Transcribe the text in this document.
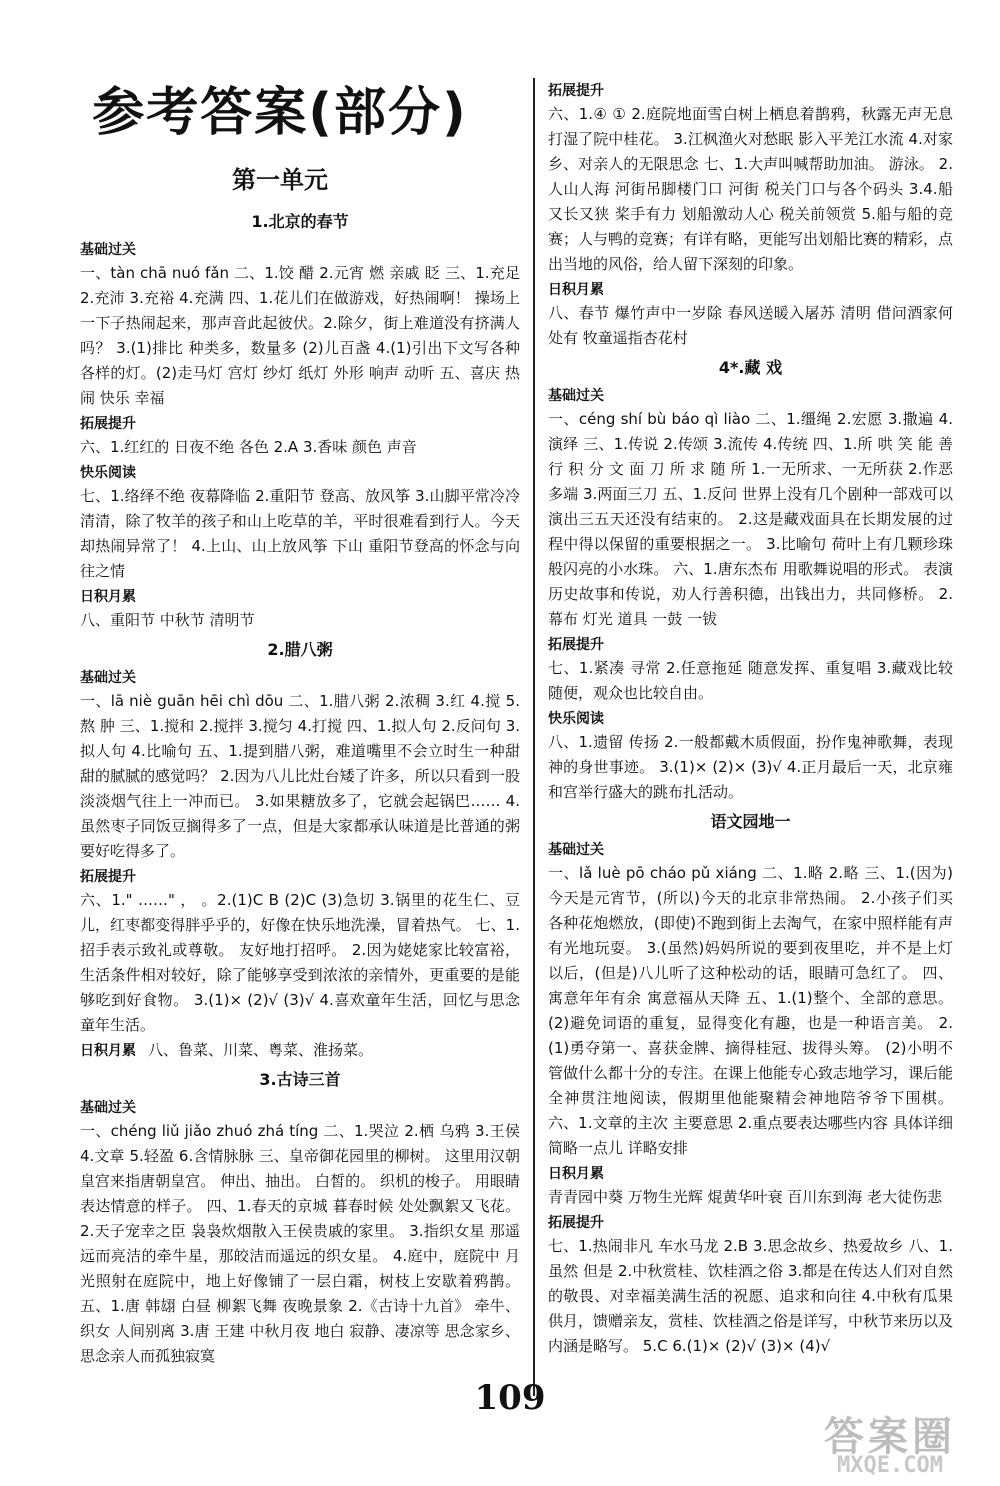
参考答案(部分)
第一单元
1.北京的春节
基础过关
一、tàn chā nuó fǎn 二、1.饺 醋 2.元宵 燃 亲戚 眨 三、1.充足 2.充沛 3.充裕 4.充满 四、1.花儿们在做游戏，好热闹啊！ 操场上一下子热闹起来，那声音此起彼伏。2.除夕，街上难道没有挤满人吗？ 3.(1)排比 种类多，数量多 (2)儿百盏 4.(1)引出下文写各种各样的灯。(2)走马灯 宫灯 纱灯 纸灯 外形 响声 动听 五、喜庆 热闹 快乐 幸福
拓展提升
六、1.红红的 日夜不绝 各色 2.A 3.香味 颜色 声音
快乐阅读
七、1.络绎不绝 夜幕降临 2.重阳节 登高、放风筝 3.山脚平常冷冷清清，除了牧羊的孩子和山上吃草的羊，平时很难看到行人。今天却热闹异常了！ 4.上山、山上放风筝 下山 重阳节登高的怀念与向往之情
日积月累
八、重阳节 中秋节 清明节
2.腊八粥
基础过关
一、lā niè guān hēi chì dōu 二、1.腊八粥 2.浓稠 3.红 4.搅 5.熬 肿 三、1.搅和 2.搅拌 3.搅匀 4.打搅 四、1.拟人句 2.反问句 3.拟人句 4.比喻句 五、1.提到腊八粥，难道嘴里不会立时生一种甜甜的腻腻的感觉吗？ 2.因为八儿比灶台矮了许多，所以只看到一股淡淡烟气往上一冲而已。 3.如果糖放多了，它就会起锅巴…… 4.虽然枣子同饭豆搁得多了一点，但是大家都承认味道是比普通的粥要好吃得多了。
拓展提升
六、1." ……" ， 。2.(1)C B (2)C (3)急切 3.锅里的花生仁、豆儿，红枣都变得胖乎乎的，好像在快乐地洗澡，冒着热气。 七、1.招手表示致礼或尊敬。 友好地打招呼。 2.因为姥姥家比较富裕，生活条件相对较好，除了能够享受到浓浓的亲情外，更重要的是能够吃到好食物。 3.(1)× (2)√ (3)√ 4.喜欢童年生活，回忆与思念童年生活。
日积月累 八、鲁菜、川菜、粤菜、淮扬菜。
3.古诗三首
基础过关
一、chéng liǔ jiǎo zhuó zhá tíng 二、1.哭泣 2.栖 乌鸦 3.王侯 4.文章 5.轻盈 6.含情脉脉 三、皇帝御花园里的柳树。 这里用汉朝皇宫来指唐朝皇宫。 伸出、抽出。 白皙的。 织机的梭子。 用眼睛表达情意的样子。 四、1.春天的京城 暮春时候 处处飘絮又飞花。 2.天子宠幸之臣 袅袅炊烟散入王侯贵戚的家里。 3.指织女星 那遥远而亮洁的牵牛星，那皎洁而遥远的织女星。 4.庭中，庭院中 月光照射在庭院中，地上好像铺了一层白霜，树枝上安歇着鸦鹊。 五、1.唐 韩翃 白昼 柳絮飞舞 夜晚景象 2.《古诗十九首》 牵牛、织女 人间别离 3.唐 王建 中秋月夜 地白 寂静、凄凉等 思念家乡、思念亲人而孤独寂寞
拓展提升
六、1.④ ① 2.庭院地面雪白树上栖息着鹊鸦，秋露无声无息打湿了院中桂花。 3.江枫渔火对愁眠 影入平羌江水流 4.对家乡、对亲人的无限思念 七、1.大声叫喊帮助加油。 游泳。 2.人山人海 河街吊脚楼门口 河街 税关门口与各个码头 3.4.船又长又狭 桨手有力 划船激动人心 税关前领赏 5.船与船的竞赛；人与鸭的竞赛；有详有略，更能写出划船比赛的精彩，点出当地的风俗，给人留下深刻的印象。
日积月累
八、春节 爆竹声中一岁除 春风送暖入屠苏 清明 借问酒家何处有 牧童遥指杏花村
4*.藏 戏
基础过关
一、céng shí bù báo qì liào 二、1.缰绳 2.宏愿 3.撒遍 4.演绎 三、1.传说 2.传颂 3.流传 4.传统 四、1.所 哄 笑 能 善 行 积 分 文 面 刀 所 求 随 所 1.一无所求、一无所获 2.作恶多端 3.两面三刀 五、1.反问 世界上没有几个剧种一部戏可以演出三五天还没有结束的。 2.这是藏戏面具在长期发展的过程中得以保留的重要根据之一。 3.比喻句 荷叶上有几颗珍珠般闪亮的小水珠。 六、1.唐东杰布 用歌舞说唱的形式。 表演历史故事和传说，劝人行善积德，出钱出力，共同修桥。 2.幕布 灯光 道具 一鼓 一钹
拓展提升
七、1.紧凑 寻常 2.任意拖延 随意发挥、重复唱 3.藏戏比较随便，观众也比较自由。
快乐阅读
八、1.遗留 传扬 2.一般都戴木质假面，扮作鬼神歌舞，表现神的身世事迹。 3.(1)× (2)× (3)√ 4.正月最后一天，北京雍和宫举行盛大的跳布扎活动。
语文园地一
基础过关
一、lǎ luè pō cháo pǔ xiáng 二、1.略 2.略 三、1.(因为)今天是元宵节，(所以)今天的北京非常热闹。 2.小孩子们买各种花炮燃放，(即使)不跑到街上去淘气，在家中照样能有声有光地玩耍。 3.(虽然)妈妈所说的要到夜里吃，并不是上灯以后，(但是)八儿听了这种松动的话，眼睛可急红了。 四、寓意年年有余 寓意福从天降 五、1.(1)整个、全部的意思。 (2)避免词语的重复，显得变化有趣，也是一种语言美。 2.(1)勇夺第一、喜获金牌、摘得桂冠、拔得头筹。 (2)小明不管做什么都十分的专注。在课上他能专心致志地学习，课后能全神贯注地阅读，假期里他能聚精会神地陪爷爷下围棋。 六、1.文章的主次 主要意思 2.重点要表达哪些内容 具体详细 简略一点儿 详略安排
日积月累
青青园中葵 万物生光辉 焜黄华叶衰 百川东到海 老大徒伤悲
拓展提升
七、1.热闹非凡 车水马龙 2.B 3.思念故乡、热爱故乡 八、1.虽然 但是 2.中秋赏桂、饮桂酒之俗 3.都是在传达人们对自然的敬畏、对幸福美满生活的祝愿、追求和向往 4.中秋有瓜果供月，馈赠亲友，赏桂、饮桂酒之俗是详写，中秋节来历以及内涵是略写。 5.C 6.(1)× (2)√ (3)× (4)√
109
答案圈
MXQE.COM
